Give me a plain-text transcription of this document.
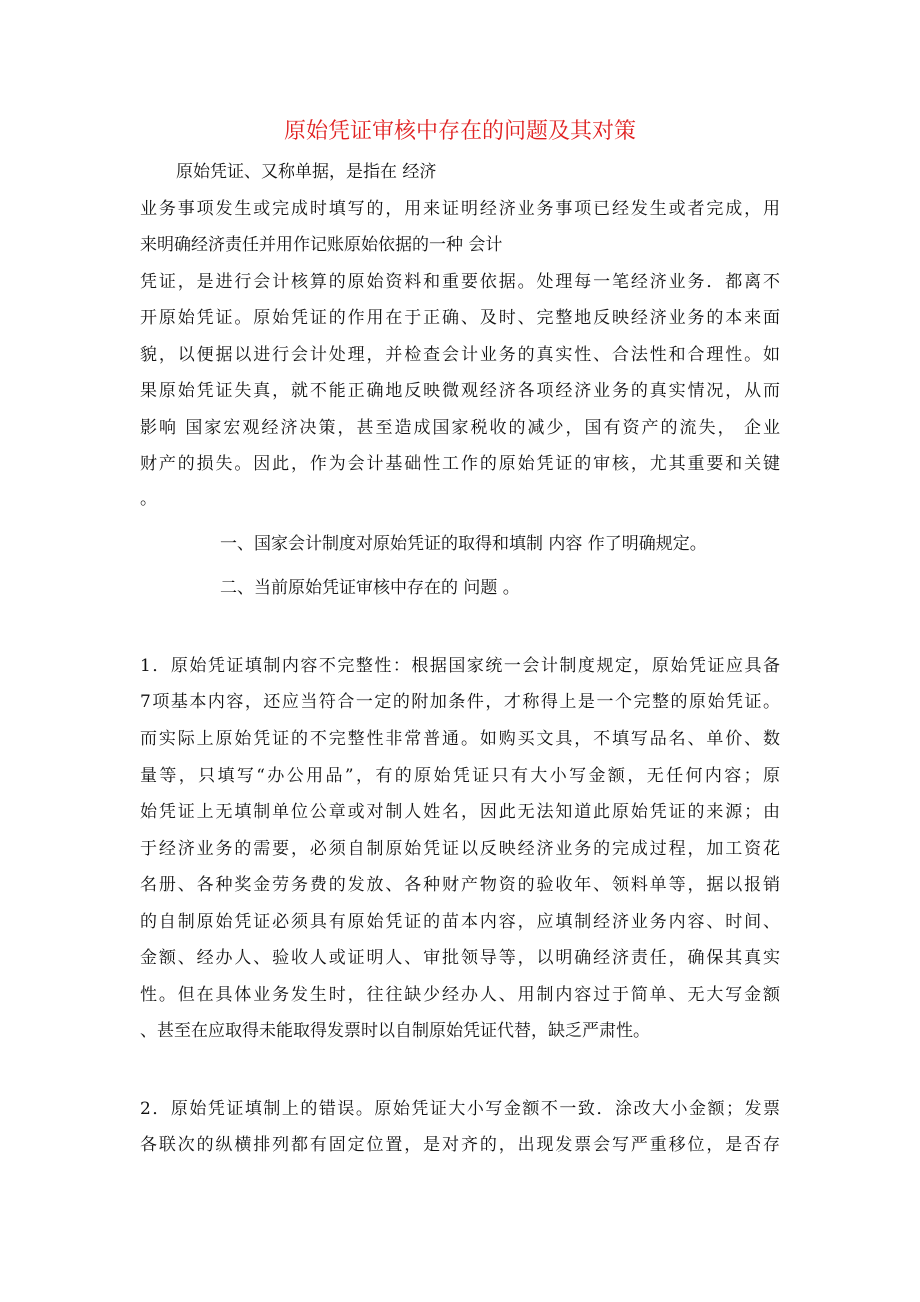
原始凭证审核中存在的问题及其对策
原始凭证、又称单据，是指在 经济
业务事项发生或完成时填写的，用来证明经济业务事项已经发生或者完成，用
来明确经济责任并用作记账原始依据的一种 会计
凭证，是进行会计核算的原始资料和重要依据。处理每一笔经济业务．都离不
开原始凭证。原始凭证的作用在于正确、及时、完整地反映经济业务的本来面
貌，以便据以进行会计处理，并检查会计业务的真实性、合法性和合理性。如
果原始凭证失真，就不能正确地反映微观经济各项经济业务的真实情况，从而
影响 国家宏观经济决策，甚至造成国家税收的减少，国有资产的流失， 企业
财产的损失。因此，作为会计基础性工作的原始凭证的审核，尤其重要和关键
。
一、国家会计制度对原始凭证的取得和填制 内容 作了明确规定。
二、当前原始凭证审核中存在的 问题 。
1．原始凭证填制内容不完整性：根据国家统一会计制度规定，原始凭证应具备
7项基本内容，还应当符合一定的附加条件，才称得上是一个完整的原始凭证。
而实际上原始凭证的不完整性非常普通。如购买文具，不填写品名、单价、数
量等，只填写“办公用品”，有的原始凭证只有大小写金额，无任何内容；原
始凭证上无填制单位公章或对制人姓名，因此无法知道此原始凭证的来源；由
于经济业务的需要，必须自制原始凭证以反映经济业务的完成过程，加工资花
名册、各种奖金劳务费的发放、各种财产物资的验收年、领料单等，据以报销
的自制原始凭证必须具有原始凭证的苗本内容，应填制经济业务内容、时间、
金额、经办人、验收人或证明人、审批领导等，以明确经济责任，确保其真实
性。但在具体业务发生时，往往缺少经办人、用制内容过于简单、无大写金额
、甚至在应取得未能取得发票时以自制原始凭证代替，缺乏严肃性。
2．原始凭证填制上的错误。原始凭证大小写金额不一致．涂改大小金额；发票
各联次的纵横排列都有固定位置，是对齐的，出现发票会写严重移位，是否存
